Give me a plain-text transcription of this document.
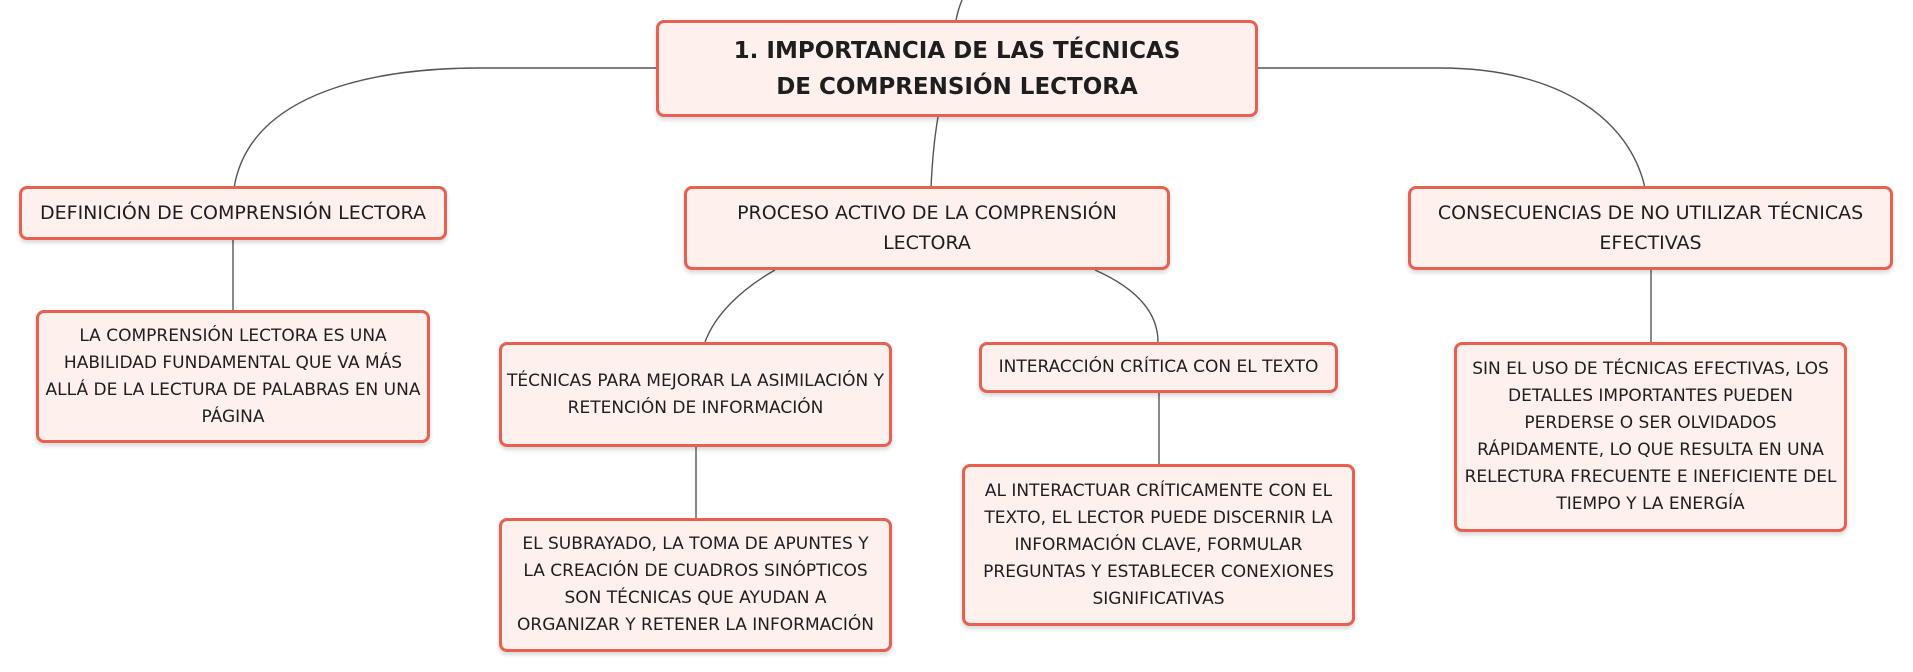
1. IMPORTANCIA DE LAS TÉCNICAS DE COMPRENSIÓN LECTORA
DEFINICIÓN DE COMPRENSIÓN LECTORA
LA COMPRENSIÓN LECTORA ES UNA HABILIDAD FUNDAMENTAL QUE VA MÁS ALLÁ DE LA LECTURA DE PALABRAS EN UNA PÁGINA
PROCESO ACTIVO DE LA COMPRENSIÓN LECTORA
TÉCNICAS PARA MEJORAR LA ASIMILACIÓN Y RETENCIÓN DE INFORMACIÓN
EL SUBRAYADO, LA TOMA DE APUNTES Y LA CREACIÓN DE CUADROS SINÓPTICOS SON TÉCNICAS QUE AYUDAN A ORGANIZAR Y RETENER LA INFORMACIÓN
INTERACCIÓN CRÍTICA CON EL TEXTO
AL INTERACTUAR CRÍTICAMENTE CON EL TEXTO, EL LECTOR PUEDE DISCERNIR LA INFORMACIÓN CLAVE, FORMULAR PREGUNTAS Y ESTABLECER CONEXIONES SIGNIFICATIVAS
CONSECUENCIAS DE NO UTILIZAR TÉCNICAS EFECTIVAS
SIN EL USO DE TÉCNICAS EFECTIVAS, LOS DETALLES IMPORTANTES PUEDEN PERDERSE O SER OLVIDADOS RÁPIDAMENTE, LO QUE RESULTA EN UNA RELECTURA FRECUENTE E INEFICIENTE DEL TIEMPO Y LA ENERGÍA
